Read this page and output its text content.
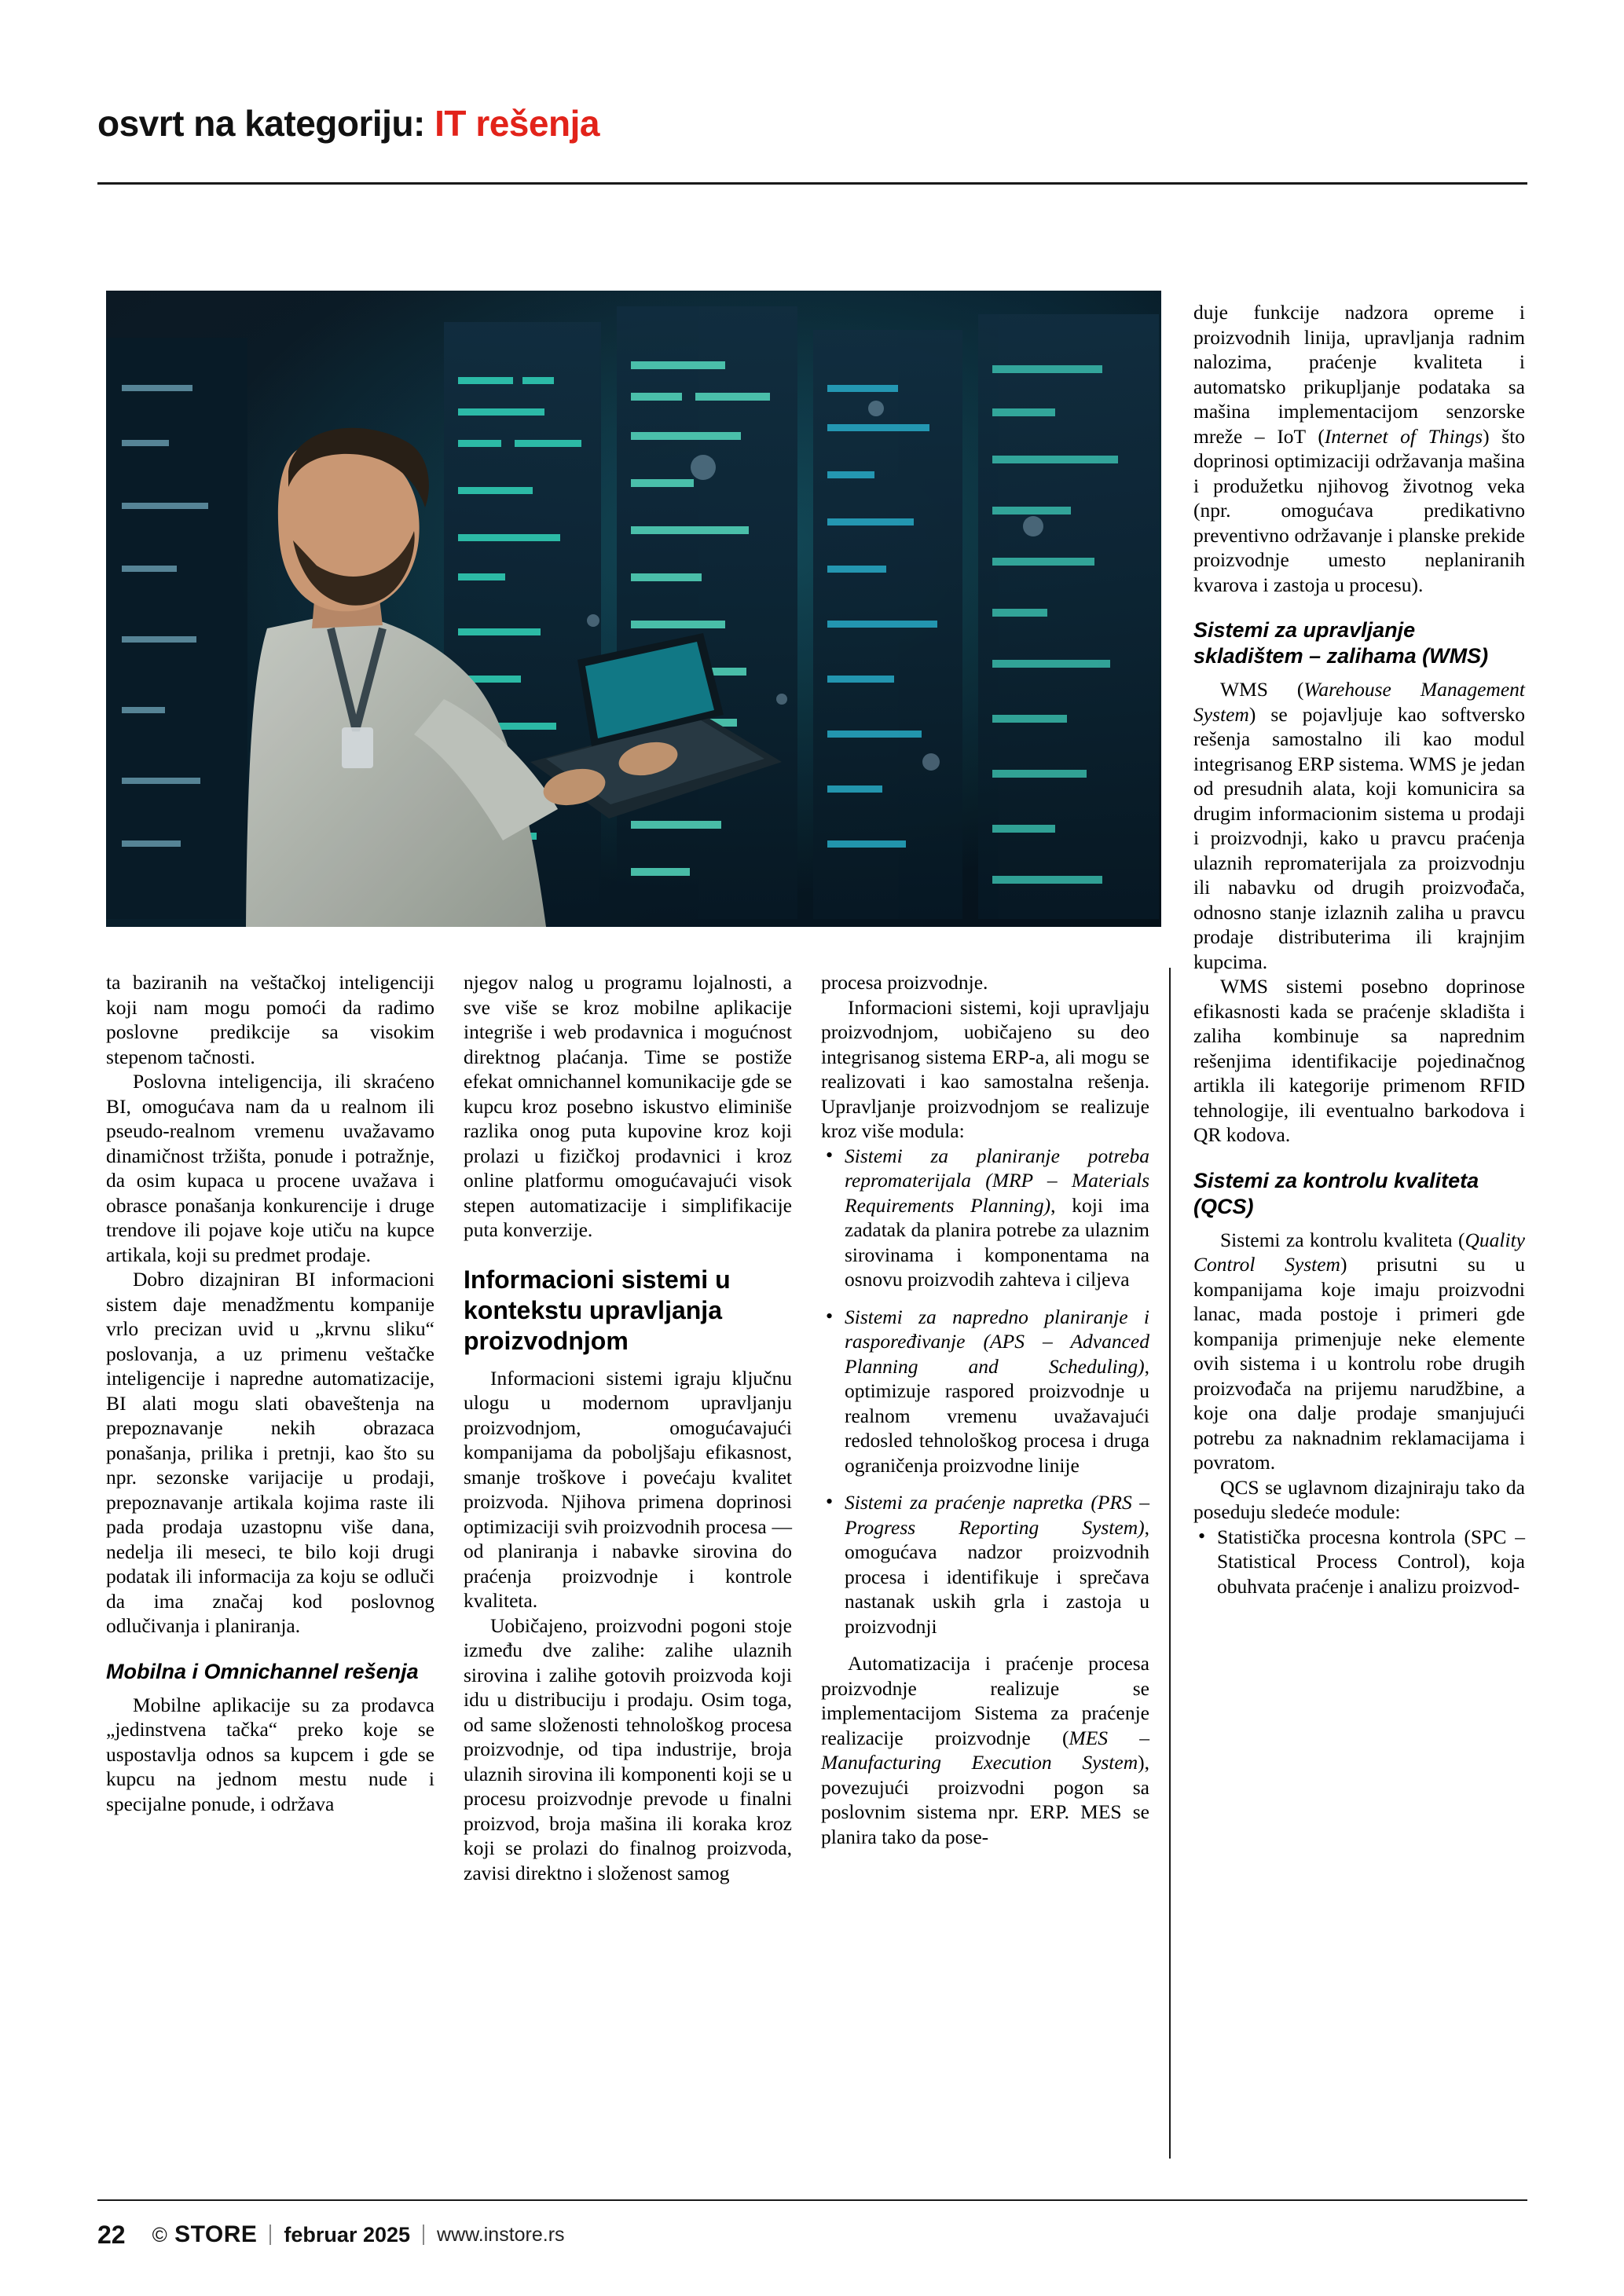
osvrt na kategoriju: IT rešenja

ta baziranih na veštačkoj inteligenciji koji nam mogu pomoći da radimo poslovne predikcije sa visokim stepenom tačnosti.

Poslovna inteligencija, ili skraćeno BI, omogućava nam da u realnom ili pseudo-realnom vremenu uvažavamo dinamičnost tržišta, ponude i potražnje, da osim kupaca u procene uvažava i obrasce ponašanja konkurencije i druge trendove ili pojave koje utiču na kupce artikala, koji su predmet prodaje.

Dobro dizajniran BI informacioni sistem daje menadžmentu kompanije vrlo precizan uvid u „krvnu sliku“ poslovanja, a uz primenu veštačke inteligencije i napredne automatizacije, BI alati mogu slati obaveštenja na prepoznavanje nekih obrazaca ponašanja, prilika i pretnji, kao što su npr. sezonske varijacije u prodaji, prepoznavanje artikala kojima raste ili pada prodaja uzastopnu više dana, nedelja ili meseci, te bilo koji drugi podatak ili informacija za koju se odluči da ima značaj kod poslovnog odlučivanja i planiranja.

Mobilna i Omnichannel rešenja

Mobilne aplikacije su za prodavca „jedinstvena tačka“ preko koje se uspostavlja odnos sa kupcem i gde se kupcu na jednom mestu nude i specijalne ponude, i održava

njegov nalog u programu lojalnosti, a sve više se kroz mobilne aplikacije integriše i web prodavnica i mogućnost direktnog plaćanja. Time se postiže efekat omnichannel komunikacije gde se kupcu kroz posebno iskustvo eliminiše razlika onog puta kupovine kroz koji prolazi u fizičkoj prodavnici i kroz online platformu omogućavajući visok stepen automatizacije i simplifikacije puta konverzije.

Informacioni sistemi u kontekstu upravljanja proizvodnjom

Informacioni sistemi igraju ključnu ulogu u modernom upravljanju proizvodnjom, omogućavajući kompanijama da poboljšaju efikasnost, smanje troškove i povećaju kvalitet proizvoda. Njihova primena doprinosi optimizaciji svih proizvodnih procesa — od planiranja i nabavke sirovina do praćenja proizvodnje i kontrole kvaliteta.

Uobičajeno, proizvodni pogoni stoje između dve zalihe: zalihe ulaznih sirovina i zalihe gotovih proizvoda koji idu u distribuciju i prodaju. Osim toga, od same složenosti tehnološkog procesa proizvodnje, od tipa industrije, broja ulaznih sirovina ili komponenti koji se u procesu proizvodnje prevode u finalni proizvod, broja mašina ili koraka kroz koji se prolazi do finalnog proizvoda, zavisi direktno i složenost samog

procesa proizvodnje.

Informacioni sistemi, koji upravljaju proizvodnjom, uobičajeno su deo integrisanog sistema ERP-a, ali mogu se realizovati i kao samostalna rešenja. Upravljanje proizvodnjom se realizuje kroz više modula:

• Sistemi za planiranje potreba repromaterijala (MRP – Materials Requirements Planning), koji ima zadatak da planira potrebe za ulaznim sirovinama i komponentama na osnovu proizvodih zahteva i ciljeva
• Sistemi za napredno planiranje i raspoređivanje (APS – Advanced Planning and Scheduling), optimizuje raspored proizvodnje u realnom vremenu uvažavajući redosled tehnološkog procesa i druga ograničenja proizvodne linije
• Sistemi za praćenje napretka (PRS – Progress Reporting System), omogućava nadzor proizvodnih procesa i identifikuje i sprečava nastanak uskih grla i zastoja u proizvodnji

Automatizacija i praćenje procesa proizvodnje realizuje se implementacijom Sistema za praćenje realizacije proizvodnje (MES – Manufacturing Execution System), povezujući proizvodni pogon sa poslovnim sistema npr. ERP. MES se planira tako da pose-

duje funkcije nadzora opreme i proizvodnih linija, upravljanja radnim nalozima, praćenje kvaliteta i automatsko prikupljanje podataka sa mašina implementacijom senzorske mreže – IoT (Internet of Things) što doprinosi optimizaciji održavanja mašina i produžetku njihovog životnog veka (npr. omogućava predikativno preventivno održavanje i planske prekide proizvodnje umesto neplaniranih kvarova i zastoja u procesu).

Sistemi za upravljanje skladištem – zalihama (WMS)

WMS (Warehouse Management System) se pojavljuje kao softversko rešenja samostalno ili kao modul integrisanog ERP sistema. WMS je jedan od presudnih alata, koji komunicira sa drugim informacionim sistema u prodaji i proizvodnji, kako u pravcu praćenja ulaznih repromaterijala za proizvodnju ili nabavku od drugih proizvođača, odnosno stanje izlaznih zaliha u pravcu prodaje distributerima ili krajnjim kupcima.

WMS sistemi posebno doprinose efikasnosti kada se praćenje skladišta i zaliha kombinuje sa naprednim rešenjima identifikacije pojedinačnog artikla ili kategorije primenom RFID tehnologije, ili eventualno barkodova i QR kodova.

Sistemi za kontrolu kvaliteta (QCS)

Sistemi za kontrolu kvaliteta (Quality Control System) prisutni su u kompanijama koje imaju proizvodni lanac, mada postoje i primeri gde kompanija primenjuje neke elemente ovih sistema i u kontrolu robe drugih proizvođača na prijemu narudžbine, a koje ona dalje prodaje smanjujući potrebu za naknadnim reklamacijama i povratom.

QCS se uglavnom dizajniraju tako da poseduju sledeće module:

• Statistička procesna kontrola (SPC – Statistical Process Control), koja obuhvata praćenje i analizu proizvod-
22 © STORE februar 2025 www.instore.rs
